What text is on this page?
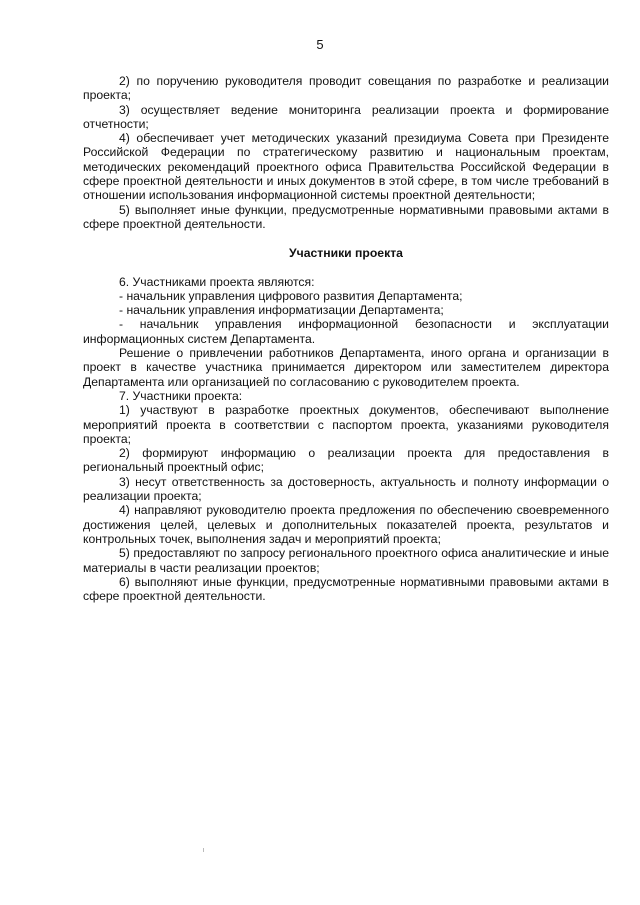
5

2) по поручению руководителя проводит совещания по разработке и реализации проекта;

3) осуществляет ведение мониторинга реализации проекта и формирование отчетности;

4) обеспечивает учет методических указаний президиума Совета при Президенте Российской Федерации по стратегическому развитию и национальным проектам, методических рекомендаций проектного офиса Правительства Российской Федерации в сфере проектной деятельности и иных документов в этой сфере, в том числе требований в отношении использования информационной системы проектной деятельности;

5) выполняет иные функции, предусмотренные нормативными правовыми актами в сфере проектной деятельности.

Участники проекта

6. Участниками проекта являются:

- начальник управления цифрового развития Департамента;

- начальник управления информатизации Департамента;

- начальник управления информационной безопасности и эксплуатации информационных систем Департамента.

Решение о привлечении работников Департамента, иного органа и организации в проект в качестве участника принимается директором или заместителем директора Департамента или организацией по согласованию с руководителем проекта.

7. Участники проекта:

1) участвуют в разработке проектных документов, обеспечивают выполнение мероприятий проекта в соответствии с паспортом проекта, указаниями руководителя проекта;

2) формируют информацию о реализации проекта для предоставления в региональный проектный офис;

3) несут ответственность за достоверность, актуальность и полноту информации о реализации проекта;

4) направляют руководителю проекта предложения по обеспечению своевременного достижения целей, целевых и дополнительных показателей проекта, результатов и контрольных точек, выполнения задач и мероприятий проекта;

5) предоставляют по запросу регионального проектного офиса аналитические и иные материалы в части реализации проектов;

6) выполняют иные функции, предусмотренные нормативными правовыми актами в сфере проектной деятельности.
